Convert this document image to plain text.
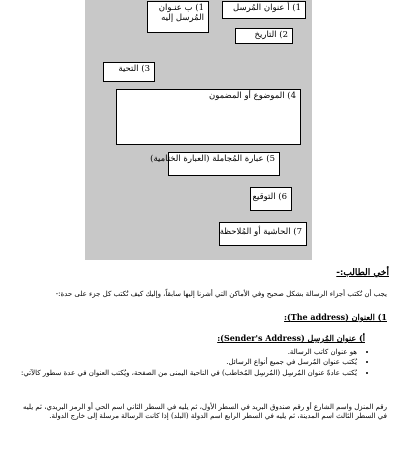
1) ب عنـوان المُرسل إليه
1) أ عنوان المُرسل
2) التاريخ
3) التحية
4) الموضوع أو المضمون
5) عبارة المُجاملة (العبارة الختامية)
6) التوقيع
7) الحاشية أو المُلاحظة
أخي الطالب:-
يجب أن تُكتب أجزاء الرسالة بشكل صحيح وفي الأماكن التي أشرنا إليها سابقاً، وإليك كيف تُكتب كل جزء على حدة:-
1) العنوان (The address):
أ) عنوان المُرسِل (Sender's Address):
• هو عنوان كاتب الرسالة.
• يُكتب عنوان المُرسل في جميع أنواع الرسائل.
• يُكتب عادةً عنوان المُرسِل (المُرسِل المُخاطب) في الناحية اليمنى من الصفحة، ويُكتب العنوان في عدة سطور كالآتي:
رقم المنزل واسم الشارع أو رقم صندوق البريد في السطر الأول، ثم يليه في السطر الثاني اسم الحي أو الرمز البريدي، ثم يليه في السطر الثالث اسم المدينة، ثم يليه في السطر الرابع اسم الدولة (البلد) إذا كانت الرسالة مرسلة إلى خارج الدولة.
